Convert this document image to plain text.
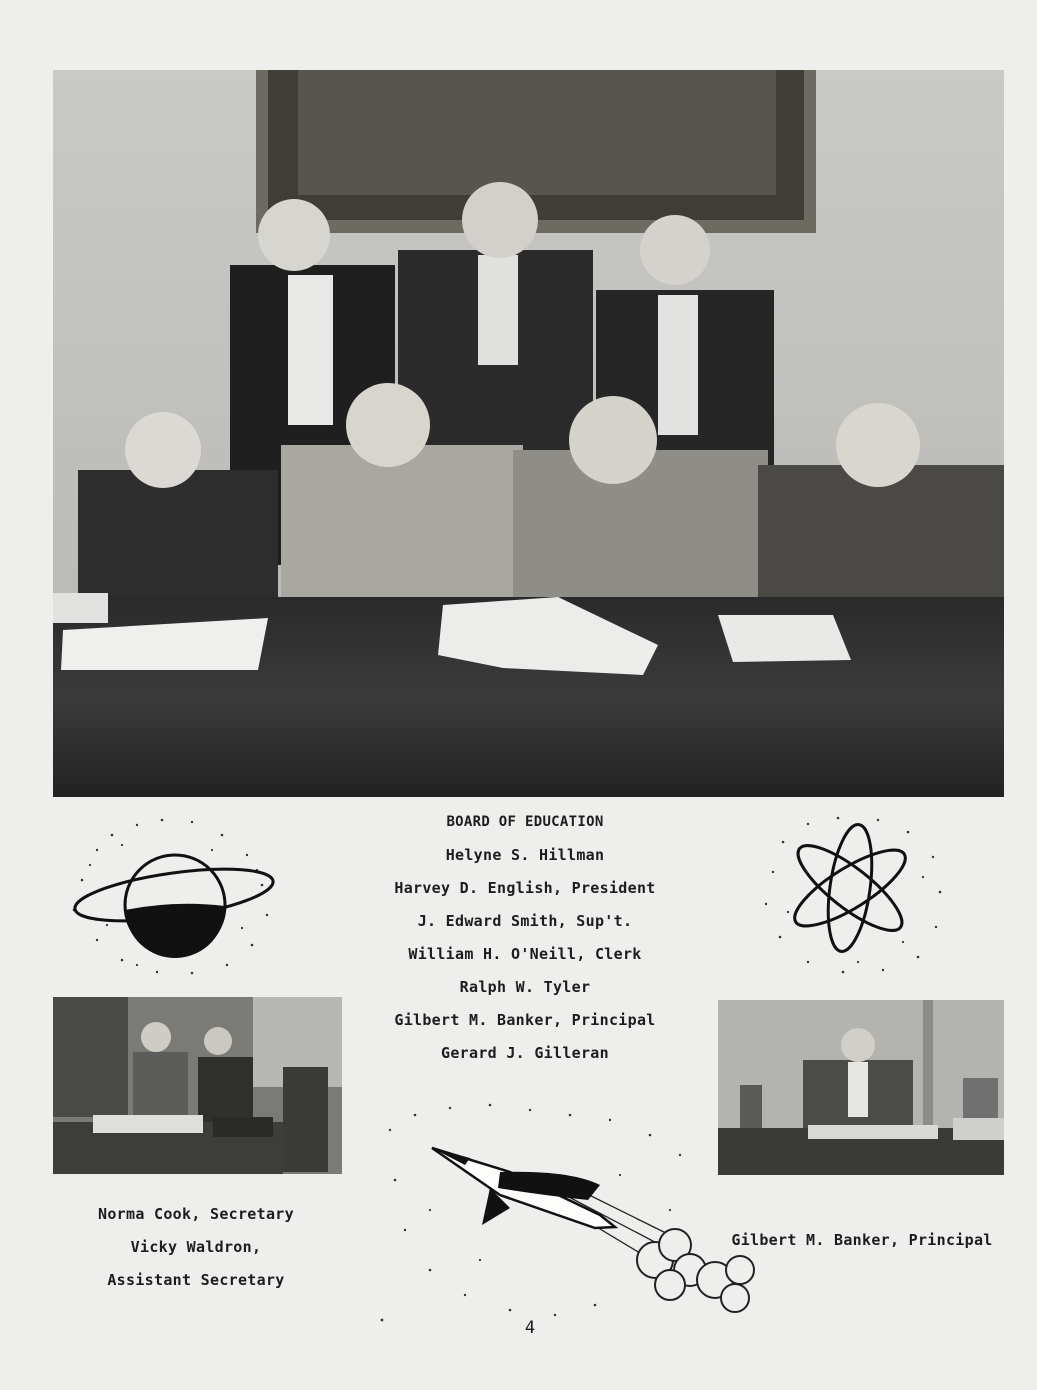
BOARD OF EDUCATION
Helyne S. Hillman
Harvey D. English, President
J. Edward Smith, Sup't.
William H. O'Neill, Clerk
Ralph W. Tyler
Gilbert M. Banker, Principal
Gerard J. Gilleran
Norma Cook, Secretary
Vicky Waldron,
Assistant Secretary
Gilbert M. Banker, Principal
4
